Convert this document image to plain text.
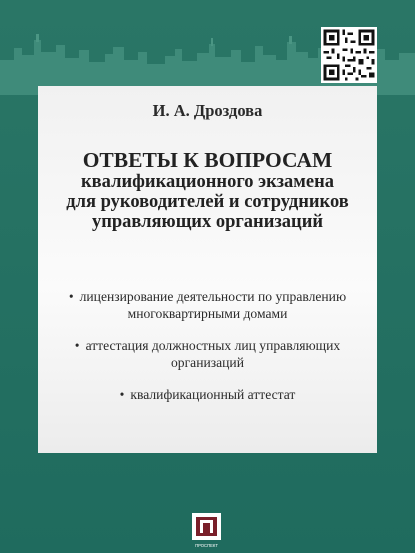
И. А. Дроздова
ОТВЕТЫ К ВОПРОСАМ
квалификационного экзамена
для руководителей и сотрудников
управляющих организаций
• лицензирование деятельности по управлению
многоквартирными домами
• аттестация должностных лиц управляющих
организаций
• квалификационный аттестат
ПРОСПЕКТ
